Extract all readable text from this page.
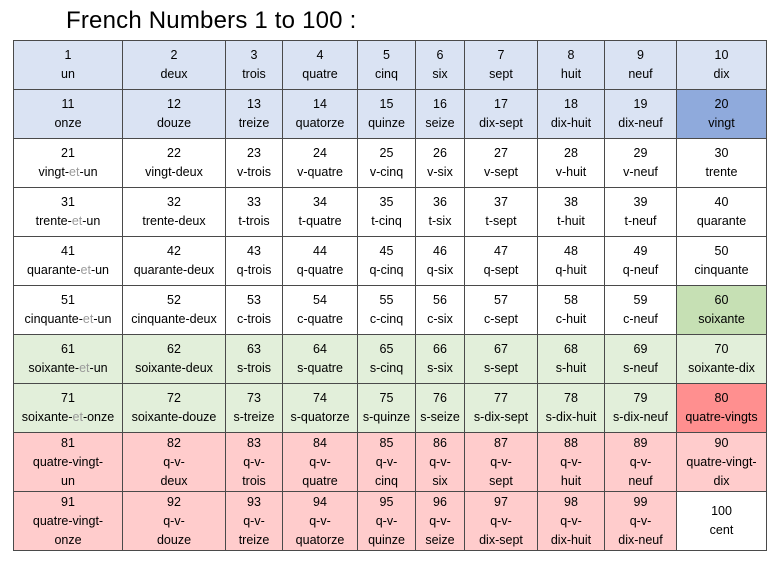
French Numbers 1 to 100 :
1
un	2
deux	3
trois	4
quatre	5
cinq	6
six	7
sept	8
huit	9
neuf	10
dix

11
onze	12
douze	13
treize	14
quatorze	15
quinze	16
seize	17
dix-sept	18
dix-huit	19
dix-neuf	20
vingt

21
vingt-et-un	22
vingt-deux	23
v-trois	24
v-quatre	25
v-cinq	26
v-six	27
v-sept	28
v-huit	29
v-neuf	30
trente

31
trente-et-un	32
trente-deux	33
t-trois	34
t-quatre	35
t-cinq	36
t-six	37
t-sept	38
t-huit	39
t-neuf	40
quarante

41
quarante-et-un	42
quarante-deux	43
q-trois	44
q-quatre	45
q-cinq	46
q-six	47
q-sept	48
q-huit	49
q-neuf	50
cinquante

51
cinquante-et-un	52
cinquante-deux	53
c-trois	54
c-quatre	55
c-cinq	56
c-six	57
c-sept	58
c-huit	59
c-neuf	60
soixante

61
soixante-et-un	62
soixante-deux	63
s-trois	64
s-quatre	65
s-cinq	66
s-six	67
s-sept	68
s-huit	69
s-neuf	70
soixante-dix

71
soixante-et-onze	72
soixante-douze	73
s-treize	74
s-quatorze	75
s-quinze	76
s-seize	77
s-dix-sept	78
s-dix-huit	79
s-dix-neuf	80
quatre-vingts

81
quatre-vingt-
un	82
q-v-
deux	83
q-v-
trois	84
q-v-
quatre	85
q-v-
cinq	86
q-v-
six	87
q-v-
sept	88
q-v-
huit	89
q-v-
neuf	90
quatre-vingt-
dix

91
quatre-vingt-
onze	92
q-v-
douze	93
q-v-
treize	94
q-v-
quatorze	95
q-v-
quinze	96
q-v-
seize	97
q-v-
dix-sept	98
q-v-
dix-huit	99
q-v-
dix-neuf	100
cent
